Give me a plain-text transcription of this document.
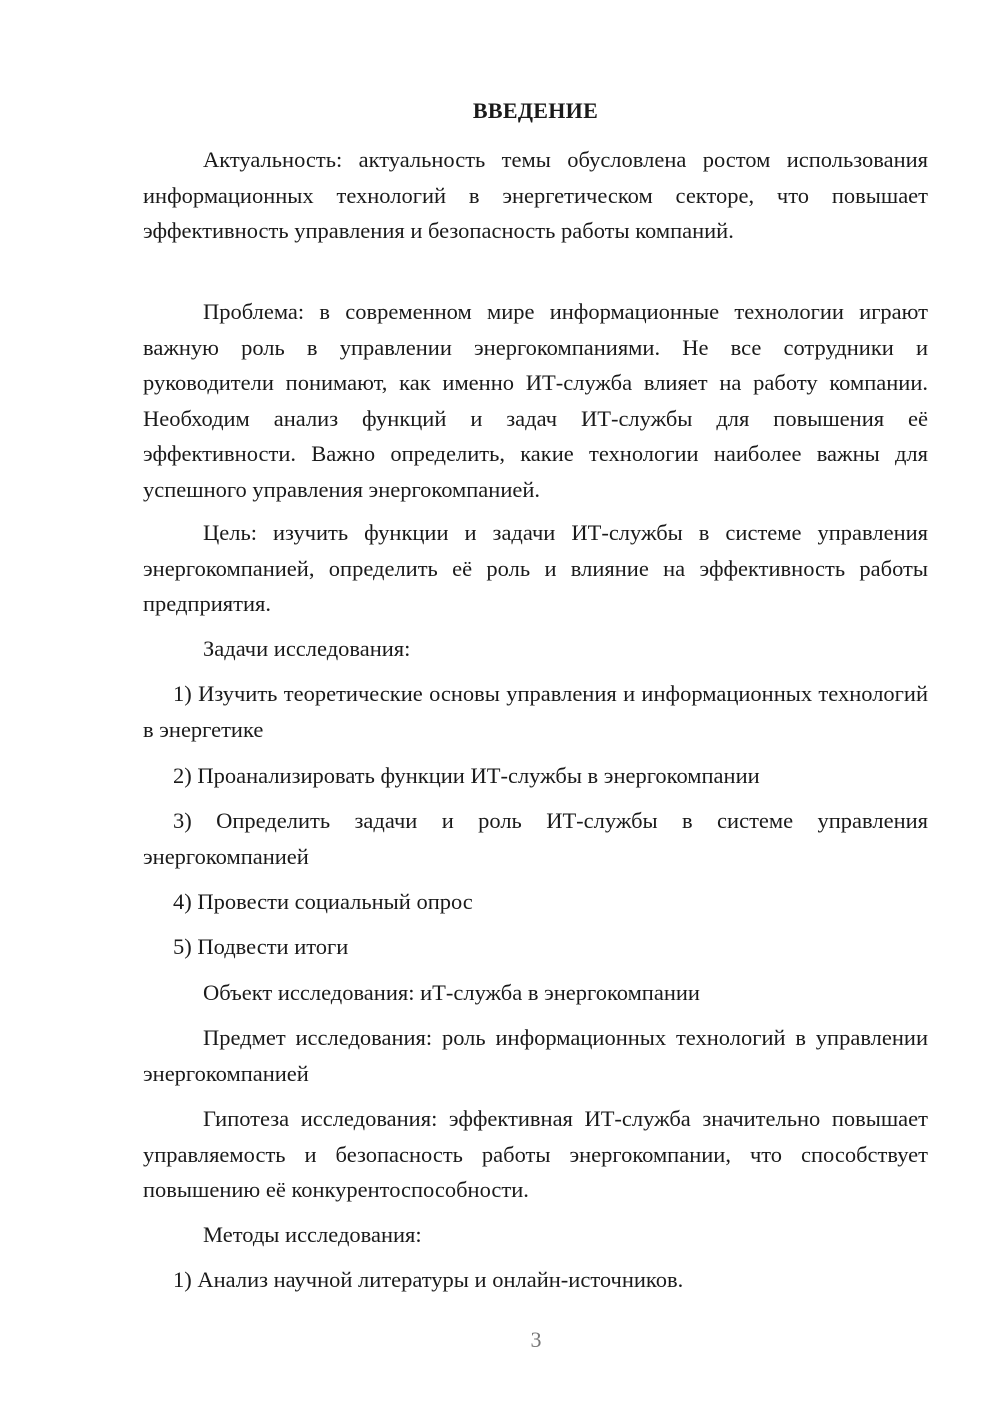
ВВЕДЕНИЕ

Актуальность: актуальность темы обусловлена ростом использования информационных технологий в энергетическом секторе, что повышает эффективность управления и безопасность работы компаний.

Проблема: в современном мире информационные технологии играют важную роль в управлении энергокомпаниями. Не все сотрудники и руководители понимают, как именно ИТ-служба влияет на работу компании. Необходим анализ функций и задач ИТ-службы для повышения её эффективности. Важно определить, какие технологии наиболее важны для успешного управления энергокомпанией.

Цель: изучить функции и задачи ИТ-службы в системе управления энергокомпанией, определить её роль и влияние на эффективность работы предприятия.

Задачи исследования:

1) Изучить теоретические основы управления и информационных технологий в энергетике

2) Проанализировать функции ИТ-службы в энергокомпании

3) Определить задачи и роль ИТ-службы в системе управления энергокомпанией

4) Провести социальный опрос

5) Подвести итоги

Объект исследования: иТ-служба в энергокомпании

Предмет исследования: роль информационных технологий в управлении энергокомпанией

Гипотеза исследования: эффективная ИТ-служба значительно повышает управляемость и безопасность работы энергокомпании, что способствует повышению её конкурентоспособности.

Методы исследования:

1) Анализ научной литературы и онлайн-источников.

3
